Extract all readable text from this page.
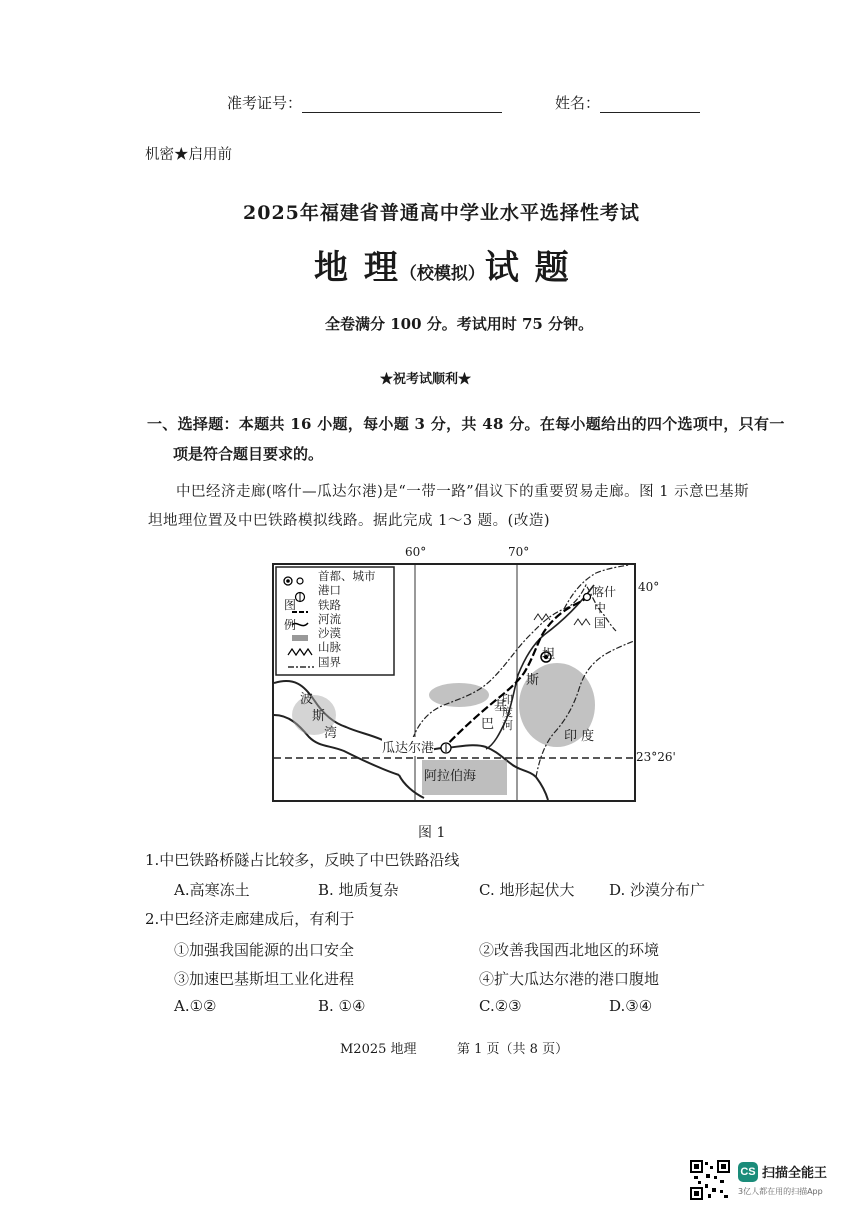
准考证号：	姓名：
机密★启用前
2025年福建省普通高中学业水平选择性考试
地 理（校模拟）试 题
全卷满分 100 分。考试用时 75 分钟。
★祝考试顺利★
一、选择题：本题共 16 小题，每小题 3 分，共 48 分。在每小题给出的四个选项中，只有一
项是符合题目要求的。
中巴经济走廊(喀什—瓜达尔港)是“一带一路”倡议下的重要贸易走廊。图 1 示意巴基斯
坦地理位置及中巴铁路模拟线路。据此完成 1～3 题。(改造)
60°	70°
40°
23°26'
图
例
首都、城市
港口
铁路
河流
沙漠
山脉
国界
喀什
中
国
波
斯
湾
瓜达尔港
阿拉伯海
印 度
巴
基
斯
坦
印
度
河
图 1
1.中巴铁路桥隧占比较多，反映了中巴铁路沿线
A.高寒冻土	B. 地质复杂	C. 地形起伏大 D. 沙漠分布广
2.中巴经济走廊建成后，有利于
①加强我国能源的出口安全	②改善我国西北地区的环境
③加速巴基斯坦工业化进程	④扩大瓜达尔港的港口腹地
A.①②	B. ①④	C.②③	D.③④
M2025 地理	第 1 页（共 8 页）
CS 扫描全能王
3亿人都在用的扫描App
